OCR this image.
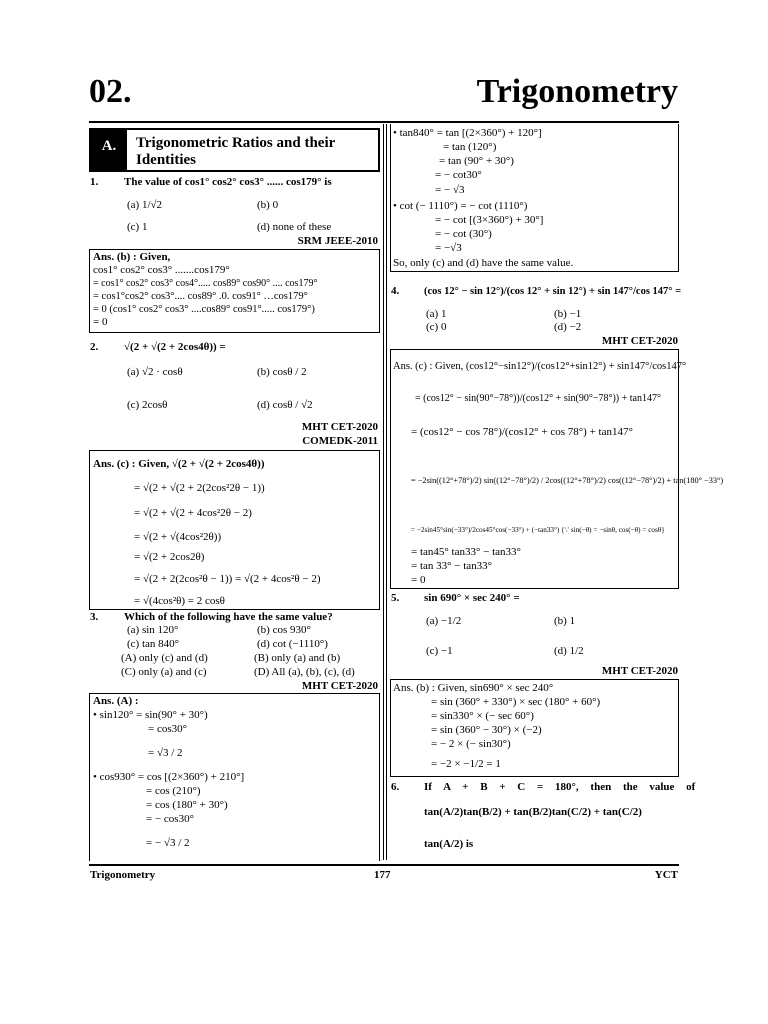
02.	Trigonometry
A.	Trigonometric Ratios and their
Identities
1. The value of cos1° cos2° cos3° ...... cos179° is
(a) 1/√2	(b) 0
(c) 1	(d) none of these
SRM JEEE-2010
Ans. (b) : Given,
cos1° cos2° cos3° .......cos179°
= cos1° cos2° cos3° cos4°..... cos89° cos90° .... cos179°
= cos1°cos2° cos3°.... cos89° .0. cos91° …cos179°
= 0 (cos1° cos2° cos3° ....cos89° cos91°..... cos179°)
= 0
2. √(2 + √(2 + 2cos4θ)) =
(a) √2 · cosθ	(b) cosθ / 2
(c) 2cosθ	(d) cosθ / √2
MHT CET-2020
COMEDK-2011
Ans. (c) : Given, √(2 + √(2 + 2cos4θ))
= √(2 + √(2 + 2(2cos²2θ − 1))
= √(2 + √(2 + 4cos²2θ − 2)
= √(2 + √(4cos²2θ))
= √(2 + 2cos2θ)
= √(2 + 2(2cos²θ − 1)) = √(2 + 4cos²θ − 2)
= √(4cos²θ) = 2 cosθ
3. Which of the following have the same value?
(a) sin 120°	(b) cos 930°
(c) tan 840°	(d) cot (−1110°)
(A) only (c) and (d)	(B) only (a) and (b)
(C) only (a) and (c)	(D) All (a), (b), (c), (d)
MHT CET-2020
Ans. (A) :
• sin120° = sin(90° + 30°)
= cos30°
= √3 / 2
• cos930° = cos [(2×360°) + 210°]
= cos (210°)
= cos (180° + 30°)
= − cos30°
= − √3 / 2
• tan840° = tan [(2×360°) + 120°]
= tan (120°)
= tan (90° + 30°)
= − cot30°
= − √3
• cot (− 1110°) = − cot (1110°)
= − cot [(3×360°) + 30°]
= − cot (30°)
= −√3
So, only (c) and (d) have the same value.
4. (cos 12° − sin 12°)/(cos 12° + sin 12°) + sin 147°/cos 147° =
(a) 1	(b) −1
(c) 0	(d) −2
MHT CET-2020
Ans. (c) : Given, (cos12°−sin12°)/(cos12°+sin12°) + sin147°/cos147°
= (cos12° − sin(90°−78°))/(cos12° + sin(90°−78°)) + tan147°
= (cos12° − cos 78°)/(cos12° + cos 78°) + tan147°
= −2sin((12°+78°)/2) sin((12°−78°)/2) / 2cos((12°+78°)/2) cos((12°−78°)/2) + tan(180° −33°)
= −2sin45°sin(−33°)/2cos45°cos(−33°) + (−tan33°) {∵ sin(−θ) = −sinθ, cos(−θ) = cosθ}
= tan45° tan33° − tan33°
= tan 33° − tan33°
= 0
5. sin 690° × sec 240° =
(a) −1/2	(b) 1
(c) −1	(d) 1/2
MHT CET-2020
Ans. (b) : Given, sin690° × sec 240°
= sin (360° + 330°) × sec (180° + 60°)
= sin330° × (− sec 60°)
= sin (360° − 30°) × (−2)
= − 2 × (− sin30°)
= −2 × −1/2 = 1
6. If A + B + C = 180°, then the value of
tan(A/2)tan(B/2) + tan(B/2)tan(C/2) + tan(C/2)
tan(A/2) is
Trigonometry	177	YCT
